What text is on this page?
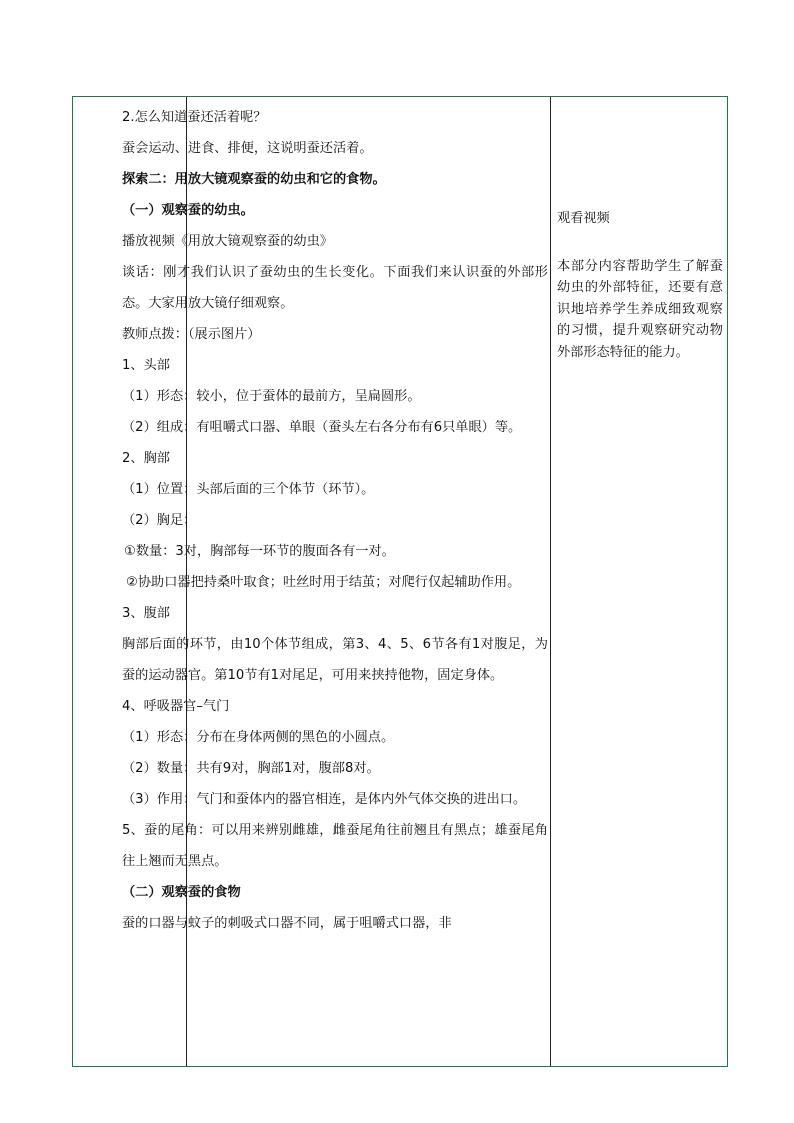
2.怎么知道蚕还活着呢？

蚕会运动、进食、排便，这说明蚕还活着。

探索二：用放大镜观察蚕的幼虫和它的食物。

（一）观察蚕的幼虫。

播放视频《用放大镜观察蚕的幼虫》

谈话：刚才我们认识了蚕幼虫的生长变化。下面我们来认识蚕的外部形态。大家用放大镜仔细观察。

教师点拨：（展示图片）

1、头部

（1）形态：较小，位于蚕体的最前方，呈扁圆形。

（2）组成：有咀嚼式口器、单眼（蚕头左右各分布有6只单眼）等。

2、胸部

（1）位置：头部后面的三个体节（环节）。

（2）胸足：

①数量：3对，胸部每一环节的腹面各有一对。

②协助口器把持桑叶取食；吐丝时用于结茧；对爬行仅起辅助作用。

3、腹部

胸部后面的环节，由10个体节组成，第3、4、5、6节各有1对腹足，为蚕的运动器官。第10节有1对尾足，可用来挟持他物，固定身体。

4、呼吸器官–气门

（1）形态：分布在身体两侧的黑色的小圆点。

（2）数量：共有9对，胸部1对，腹部8对。

（3）作用：气门和蚕体内的器官相连，是体内外气体交换的进出口。

5、蚕的尾角：可以用来辨别雌雄，雌蚕尾角往前翘且有黑点；雄蚕尾角往上翘而无黑点。

（二）观察蚕的食物

蚕的口器与蚊子的刺吸式口器不同，属于咀嚼式口器，非

观看视频
本部分内容帮助学生了解蚕幼虫的外部特征，还要有意识地培养学生养成细致观察的习惯，提升观察研究动物外部形态特征的能力。
